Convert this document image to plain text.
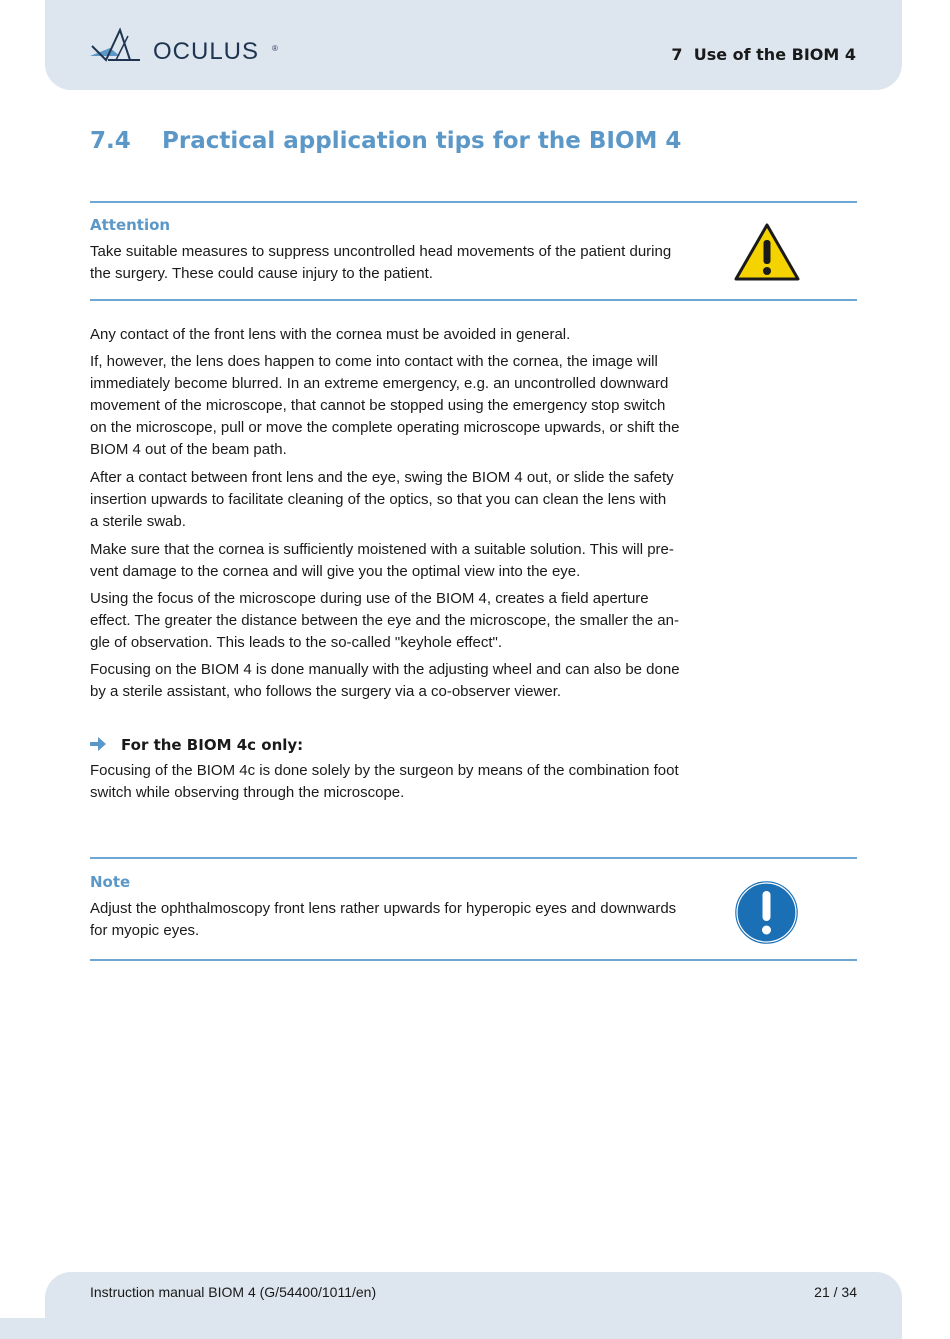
OCULUS ®	7  Use of the BIOM 4
7.4 Practical application tips for the BIOM 4
Attention
Take suitable measures to suppress uncontrolled head movements of the patient during
the surgery. These could cause injury to the patient.
Any contact of the front lens with the cornea must be avoided in general.
If, however, the lens does happen to come into contact with the cornea, the image will
immediately become blurred. In an extreme emergency, e.g. an uncontrolled downward
movement of the microscope, that cannot be stopped using the emergency stop switch
on the microscope, pull or move the complete operating microscope upwards, or shift the
BIOM 4 out of the beam path.
After a contact between front lens and the eye, swing the BIOM 4 out, or slide the safety
insertion upwards to facilitate cleaning of the optics, so that you can clean the lens with
a sterile swab.
Make sure that the cornea is sufficiently moistened with a suitable solution. This will pre-
vent damage to the cornea and will give you the optimal view into the eye.
Using the focus of the microscope during use of the BIOM 4, creates a field aperture
effect. The greater the distance between the eye and the microscope, the smaller the an-
gle of observation. This leads to the so-called "keyhole effect".
Focusing on the BIOM 4 is done manually with the adjusting wheel and can also be done
by a sterile assistant, who follows the surgery via a co-observer viewer.
For the BIOM 4c only:
Focusing of the BIOM 4c is done solely by the surgeon by means of the combination foot
switch while observing through the microscope.
Note
Adjust the ophthalmoscopy front lens rather upwards for hyperopic eyes and downwards
for myopic eyes.
Instruction manual BIOM 4 (G/54400/1011/en)	21 / 34
